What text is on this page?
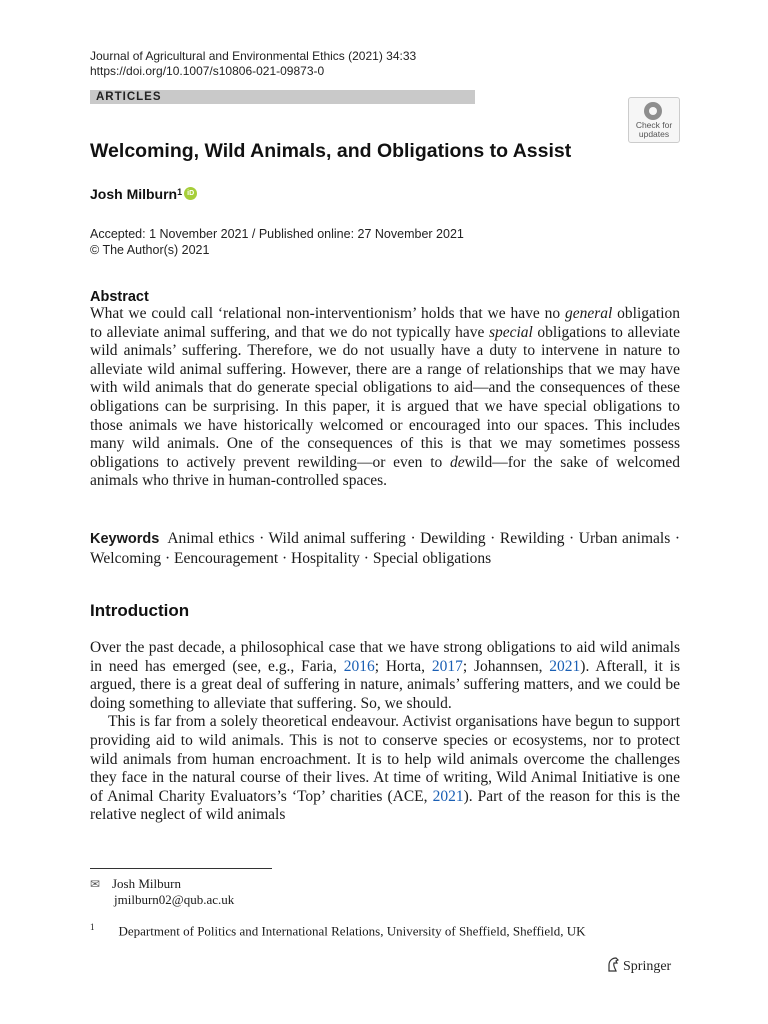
Journal of Agricultural and Environmental Ethics (2021) 34:33
https://doi.org/10.1007/s10806-021-09873-0
ARTICLES
Check for updates
Welcoming, Wild Animals, and Obligations to Assist
Josh Milburn$^1$ iD
Accepted: 1 November 2021 / Published online: 27 November 2021
© The Author(s) 2021
Abstract
What we could call ‘relational non-interventionism’ holds that we have no general obligation to alleviate animal suffering, and that we do not typically have special obligations to alleviate wild animals’ suffering. Therefore, we do not usually have a duty to intervene in nature to alleviate wild animal suffering. However, there are a range of relationships that we may have with wild animals that do generate special obligations to aid—and the consequences of these obligations can be surprising. In this paper, it is argued that we have special obligations to those animals we have historically welcomed or encouraged into our spaces. This includes many wild animals. One of the consequences of this is that we may sometimes possess obligations to actively prevent rewilding—or even to dewild—for the sake of welcomed animals who thrive in human-controlled spaces.
Keywords Animal ethics · Wild animal suffering · Dewilding · Rewilding · Urban animals · Welcoming · Eencouragement · Hospitality · Special obligations
Introduction

Over the past decade, a philosophical case that we have strong obligations to aid wild animals in need has emerged (see, e.g., Faria, 2016; Horta, 2017; Johannsen, 2021). Afterall, it is argued, there is a great deal of suffering in nature, animals’ suffering matters, and we could be doing something to alleviate that suffering. So, we should.

This is far from a solely theoretical endeavour. Activist organisations have begun to support providing aid to wild animals. This is not to conserve species or ecosystems, nor to protect wild animals from human encroachment. It is to help wild animals overcome the challenges they face in the natural course of their lives. At time of writing, Wild Animal Initiative is one of Animal Charity Evaluators’s ‘Top’ charities (ACE, 2021). Part of the reason for this is the relative neglect of wild animals

✉ Josh Milburn
jmilburn02@qub.ac.uk
$^1$ Department of Politics and International Relations, University of Sheffield, Sheffield, UK
Springer
